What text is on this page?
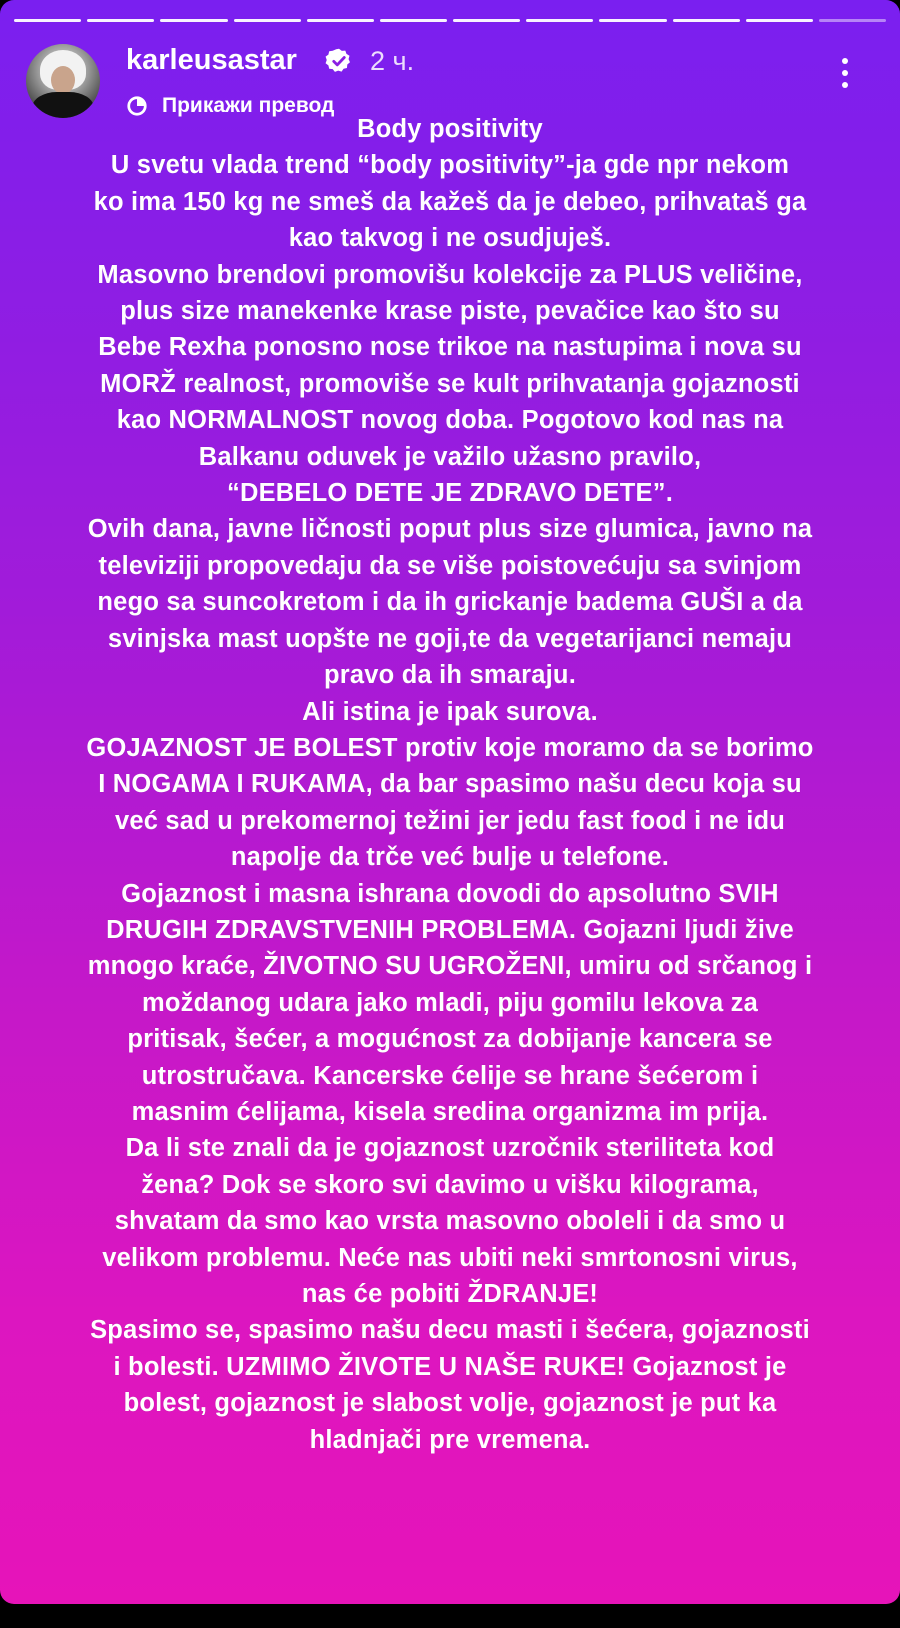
karleusastar	2 ч.
Прикажи превод
Body positivity
U svetu vlada trend “body positivity”-ja gde npr nekom
ko ima 150 kg ne smeš da kažeš da je debeo, prihvataš ga
kao takvog i ne osudjuješ.
Masovno brendovi promovišu kolekcije za PLUS veličine,
plus size manekenke krase piste, pevačice kao što su
Bebe Rexha ponosno nose trikoe na nastupima i nova su
MORŽ realnost, promoviše se kult prihvatanja gojaznosti
kao NORMALNOST novog doba. Pogotovo kod nas na
Balkanu oduvek je važilo užasno pravilo,
“DEBELO DETE JE ZDRAVO DETE”.
Ovih dana, javne ličnosti poput plus size glumica, javno na
televiziji propovedaju da se više poistovećuju sa svinjom
nego sa suncokretom i da ih grickanje badema GUŠI a da
svinjska mast uopšte ne goji,te da vegetarijanci nemaju
pravo da ih smaraju.
Ali istina je ipak surova.
GOJAZNOST JE BOLEST protiv koje moramo da se borimo
I NOGAMA I RUKAMA, da bar spasimo našu decu koja su
već sad u prekomernoj težini jer jedu fast food i ne idu
napolje da trče već bulje u telefone.
Gojaznost i masna ishrana dovodi do apsolutno SVIH
DRUGIH ZDRAVSTVENIH PROBLEMA. Gojazni ljudi žive
mnogo kraće, ŽIVOTNO SU UGROŽENI, umiru od srčanog i
moždanog udara jako mladi, piju gomilu lekova za
pritisak, šećer, a mogućnost za dobijanje kancera se
utrostručava. Kancerske ćelije se hrane šećerom i
masnim ćelijama, kisela sredina organizma im prija.
Da li ste znali da je gojaznost uzročnik steriliteta kod
žena? Dok se skoro svi davimo u višku kilograma,
shvatam da smo kao vrsta masovno oboleli i da smo u
velikom problemu. Neće nas ubiti neki smrtonosni virus,
nas će pobiti ŽDRANJE!
Spasimo se, spasimo našu decu masti i šećera, gojaznosti
i bolesti. UZMIMO ŽIVOTE U NAŠE RUKE! Gojaznost je
bolest, gojaznost je slabost volje, gojaznost je put ka
hladnjači pre vremena.
